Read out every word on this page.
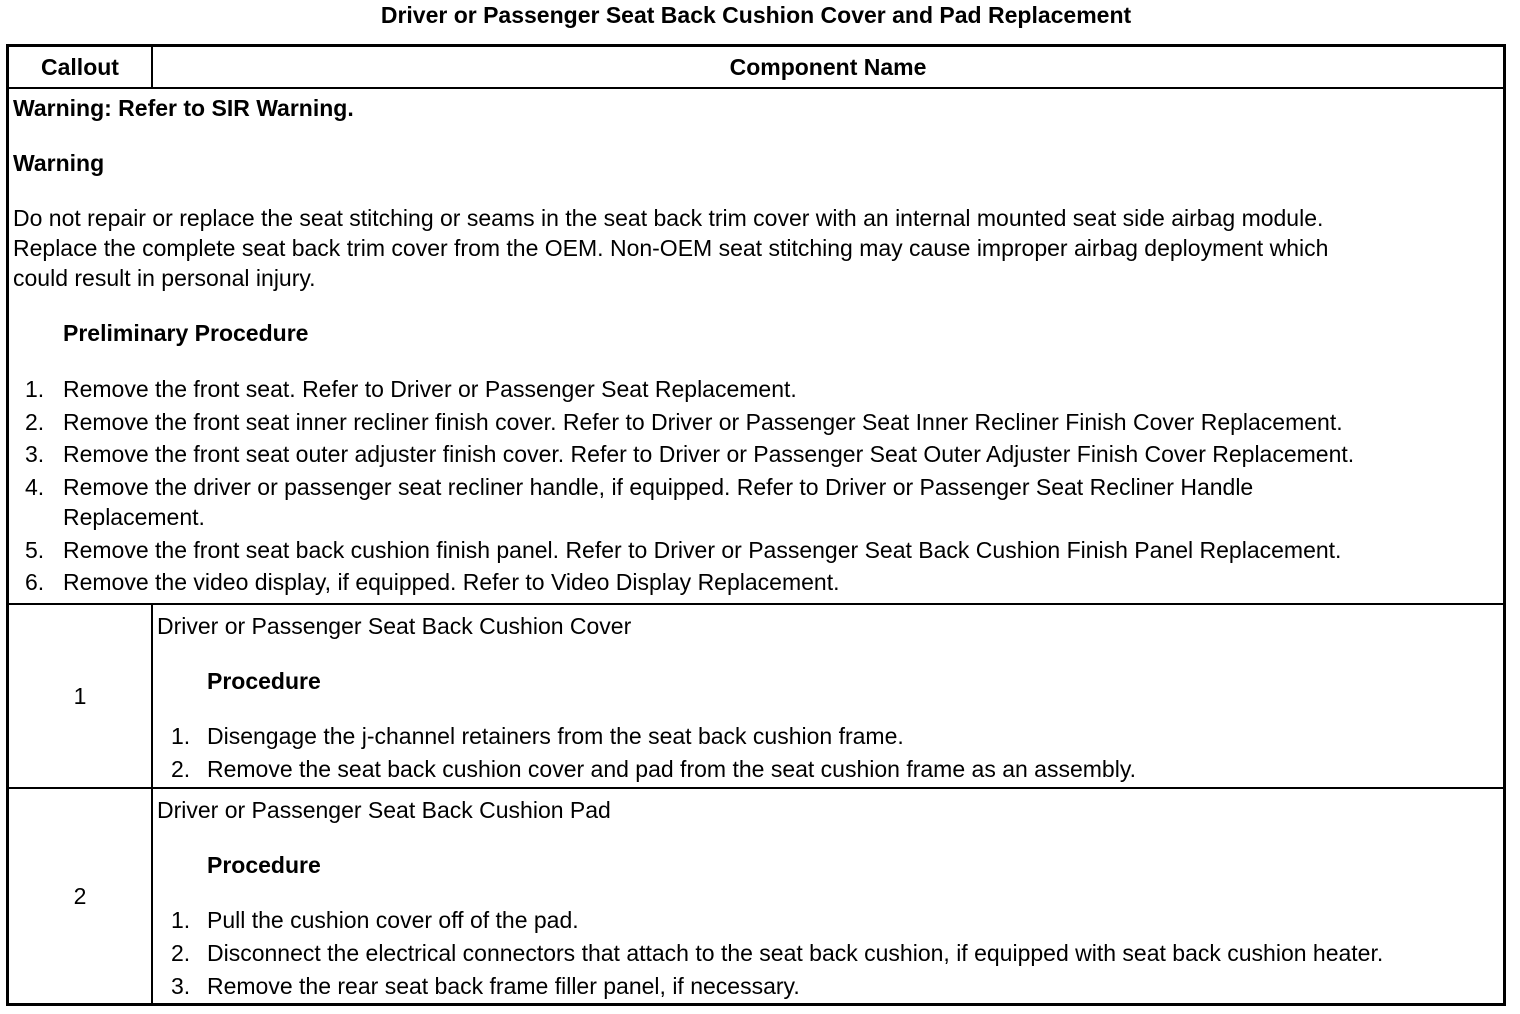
Driver or Passenger Seat Back Cushion Cover and Pad Replacement
Callout	Component Name
Warning: Refer to SIR Warning.
Warning
Do not repair or replace the seat stitching or seams in the seat back trim cover with an internal mounted seat side airbag module.
Replace the complete seat back trim cover from the OEM. Non-OEM seat stitching may cause improper airbag deployment which
could result in personal injury.
Preliminary Procedure
1. Remove the front seat. Refer to Driver or Passenger Seat Replacement.
2. Remove the front seat inner recliner finish cover. Refer to Driver or Passenger Seat Inner Recliner Finish Cover Replacement.
3. Remove the front seat outer adjuster finish cover. Refer to Driver or Passenger Seat Outer Adjuster Finish Cover Replacement.
4. Remove the driver or passenger seat recliner handle, if equipped. Refer to Driver or Passenger Seat Recliner Handle
Replacement.
5. Remove the front seat back cushion finish panel. Refer to Driver or Passenger Seat Back Cushion Finish Panel Replacement.
6. Remove the video display, if equipped. Refer to Video Display Replacement.
1
Driver or Passenger Seat Back Cushion Cover
Procedure
1. Disengage the j-channel retainers from the seat back cushion frame.
2. Remove the seat back cushion cover and pad from the seat cushion frame as an assembly.
2
Driver or Passenger Seat Back Cushion Pad
Procedure
1. Pull the cushion cover off of the pad.
2. Disconnect the electrical connectors that attach to the seat back cushion, if equipped with seat back cushion heater.
3. Remove the rear seat back frame filler panel, if necessary.
